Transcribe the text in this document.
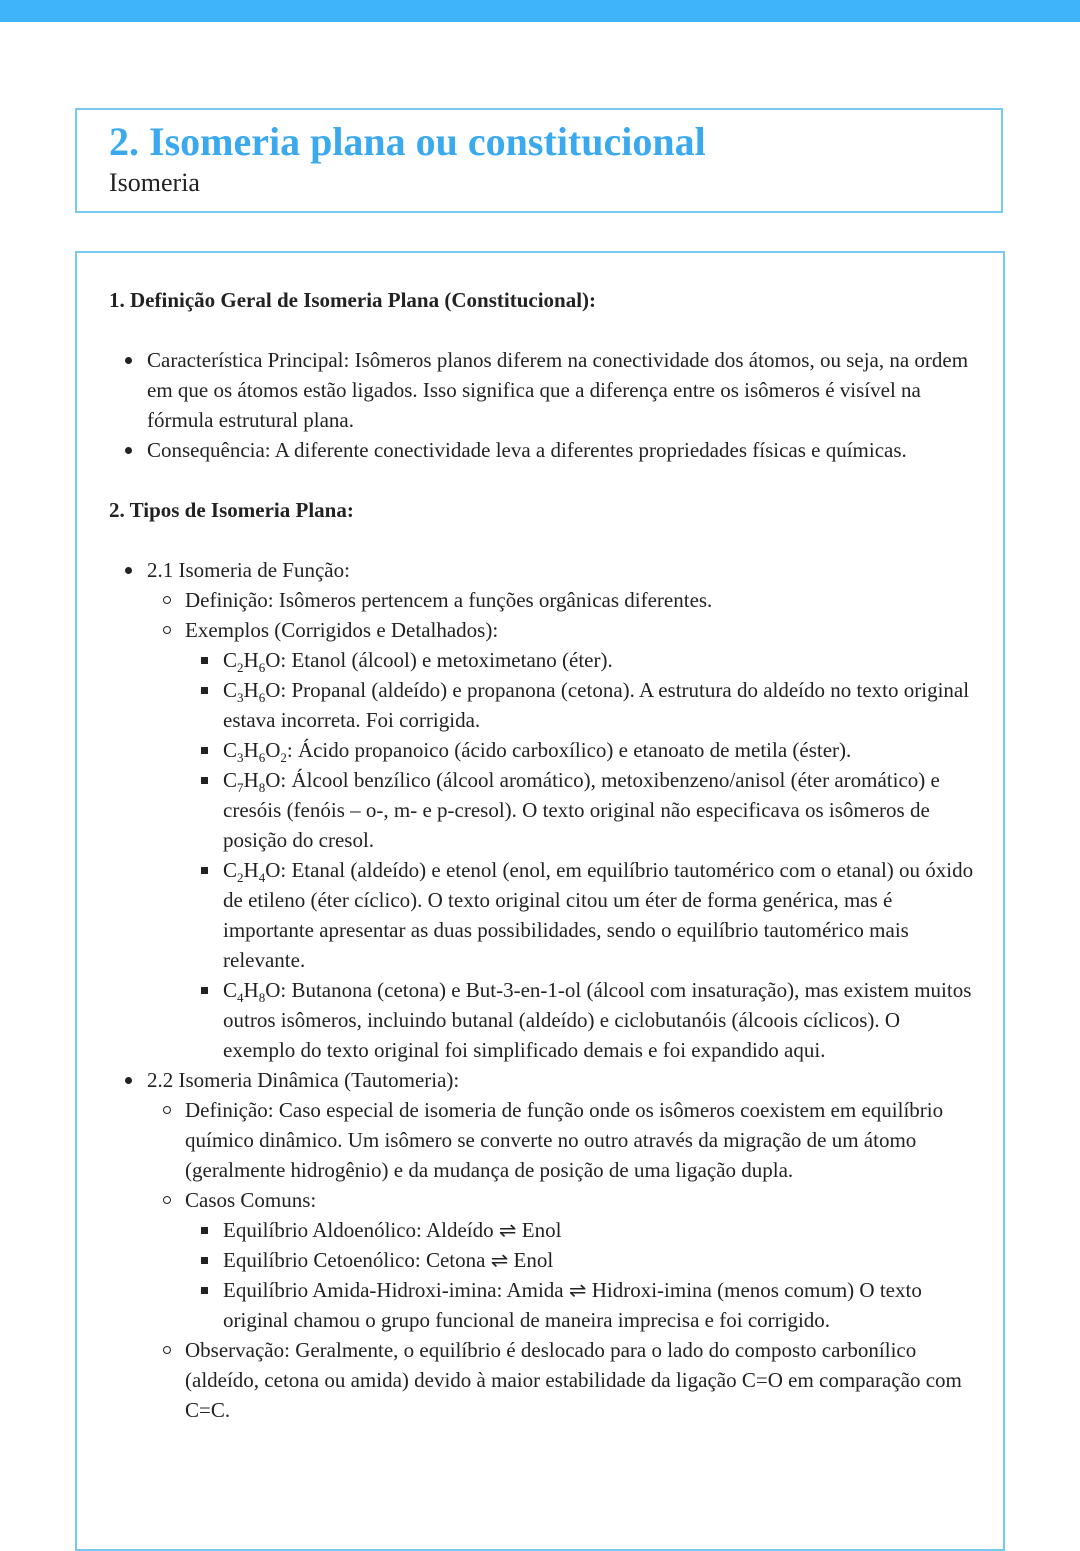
2. Isomeria plana ou constitucional
Isomeria
1. Definição Geral de Isomeria Plana (Constitucional):
Característica Principal: Isômeros planos diferem na conectividade dos átomos, ou seja, na ordem em que os átomos estão ligados. Isso significa que a diferença entre os isômeros é visível na fórmula estrutural plana.
Consequência: A diferente conectividade leva a diferentes propriedades físicas e químicas.
2. Tipos de Isomeria Plana:
2.1 Isomeria de Função:
Definição: Isômeros pertencem a funções orgânicas diferentes.
Exemplos (Corrigidos e Detalhados):
$C_2H_6O$: Etanol (álcool) e metoximetano (éter).
$C_3H_6O$: Propanal (aldeído) e propanona (cetona). A estrutura do aldeído no texto original estava incorreta. Foi corrigida.
$C_3H_6O_2$: Ácido propanoico (ácido carboxílico) e etanoato de metila (éster).
$C_7H_8O$: Álcool benzílico (álcool aromático), metoxibenzeno/anisol (éter aromático) e cresóis (fenóis – o-, m- e p-cresol). O texto original não especificava os isômeros de posição do cresol.
$C_2H_4O$: Etanal (aldeído) e etenol (enol, em equilíbrio tautomérico com o etanal) ou óxido de etileno (éter cíclico). O texto original citou um éter de forma genérica, mas é importante apresentar as duas possibilidades, sendo o equilíbrio tautomérico mais relevante.
$C_4H_8O$: Butanona (cetona) e But-3-en-1-ol (álcool com insaturação), mas existem muitos outros isômeros, incluindo butanal (aldeído) e ciclobutanóis (álcoois cíclicos). O exemplo do texto original foi simplificado demais e foi expandido aqui.
2.2 Isomeria Dinâmica (Tautomeria):
Definição: Caso especial de isomeria de função onde os isômeros coexistem em equilíbrio químico dinâmico. Um isômero se converte no outro através da migração de um átomo (geralmente hidrogênio) e da mudança de posição de uma ligação dupla.
Casos Comuns:
Equilíbrio Aldoenólico: Aldeído ⇌ Enol
Equilíbrio Cetoenólico: Cetona ⇌ Enol
Equilíbrio Amida-Hidroxi-imina: Amida ⇌ Hidroxi-imina (menos comum) O texto original chamou o grupo funcional de maneira imprecisa e foi corrigido.
Observação: Geralmente, o equilíbrio é deslocado para o lado do composto carbonílico (aldeído, cetona ou amida) devido à maior estabilidade da ligação C=O em comparação com C=C.
